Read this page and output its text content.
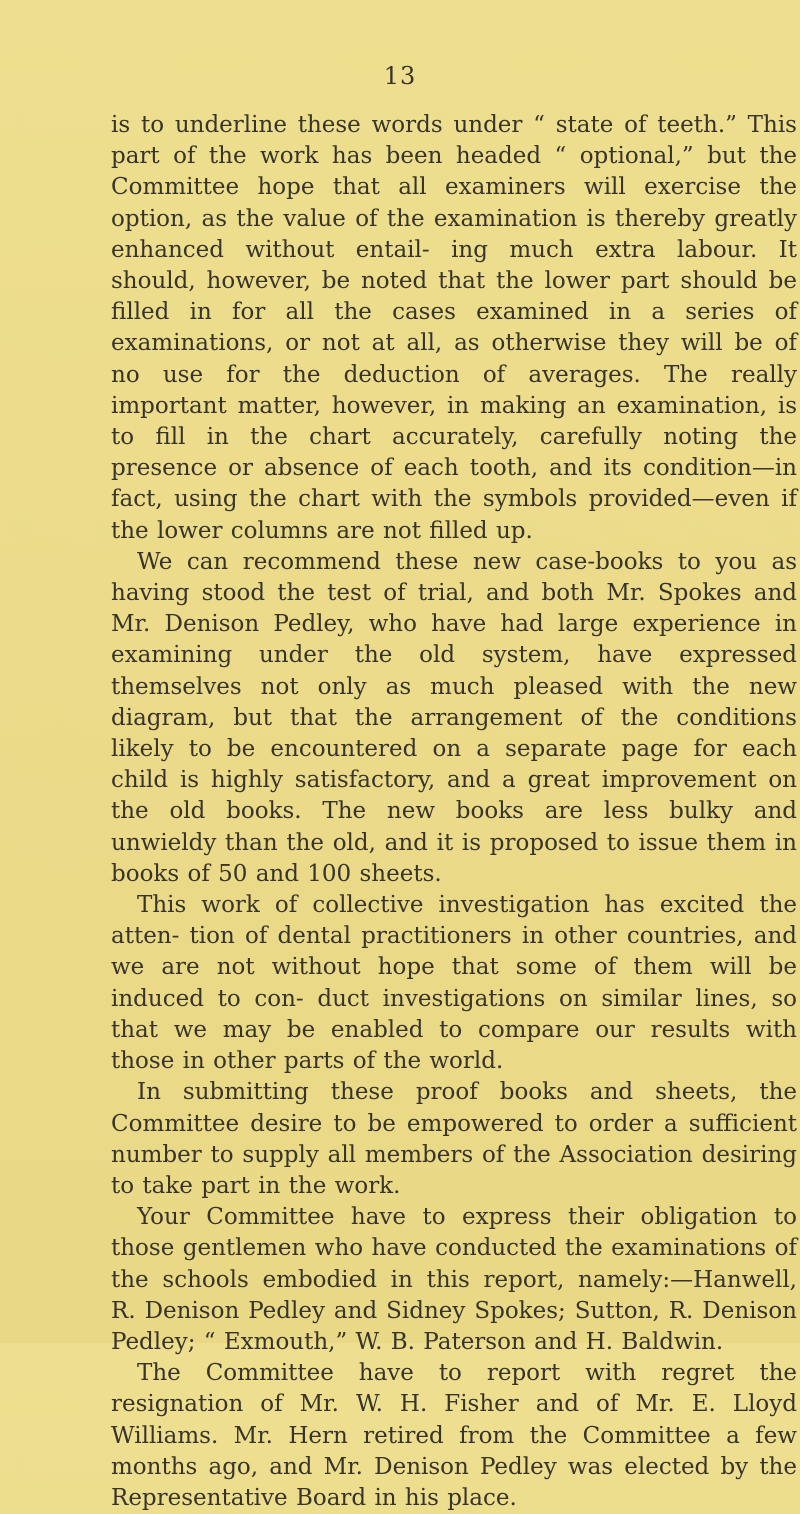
13

is to underline these words under “ state of teeth.” This part of the work has been headed “ optional,” but the Committee hope that all examiners will exercise the option, as the value of the examination is thereby greatly enhanced without entail- ing much extra labour. It should, however, be noted that the lower part should be filled in for all the cases examined in a series of examinations, or not at all, as otherwise they will be of no use for the deduction of averages. The really important matter, however, in making an examination, is to fill in the chart accurately, carefully noting the presence or absence of each tooth, and its condition—in fact, using the chart with the symbols provided—even if the lower columns are not filled up.

We can recommend these new case-books to you as having stood the test of trial, and both Mr. Spokes and Mr. Denison Pedley, who have had large experience in examining under the old system, have expressed themselves not only as much pleased with the new diagram, but that the arrangement of the conditions likely to be encountered on a separate page for each child is highly satisfactory, and a great improvement on the old books. The new books are less bulky and unwieldy than the old, and it is proposed to issue them in books of 50 and 100 sheets.

This work of collective investigation has excited the atten- tion of dental practitioners in other countries, and we are not without hope that some of them will be induced to con- duct investigations on similar lines, so that we may be enabled to compare our results with those in other parts of the world.

In submitting these proof books and sheets, the Committee desire to be empowered to order a sufficient number to supply all members of the Association desiring to take part in the work.

Your Committee have to express their obligation to those gentlemen who have conducted the examinations of the schools embodied in this report, namely:—Hanwell, R. Denison Pedley and Sidney Spokes; Sutton, R. Denison Pedley; “ Exmouth,” W. B. Paterson and H. Baldwin.

The Committee have to report with regret the resignation of Mr. W. H. Fisher and of Mr. E. Lloyd Williams. Mr. Hern retired from the Committee a few months ago, and Mr. Denison Pedley was elected by the Representative Board in his place.
